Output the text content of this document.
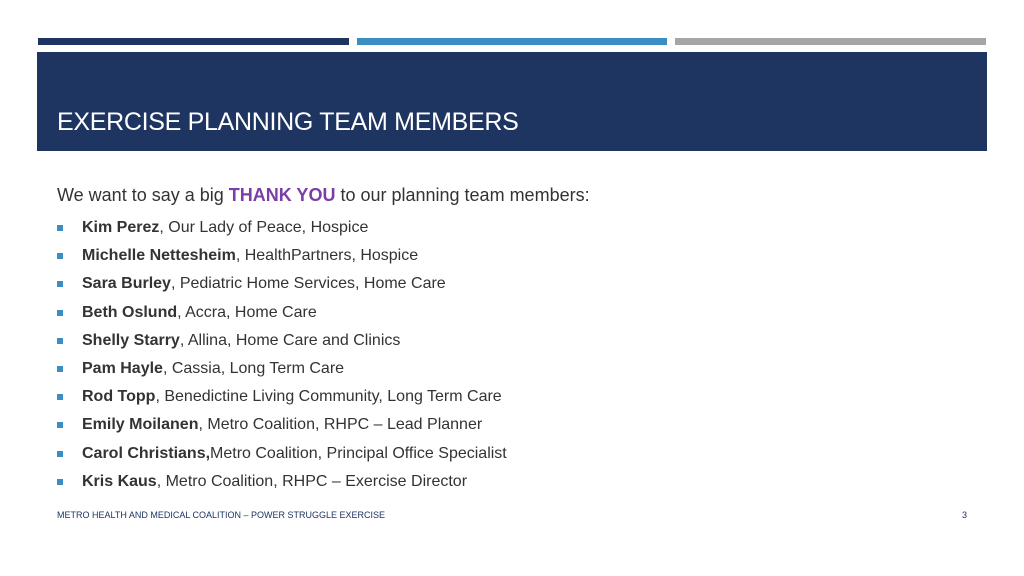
EXERCISE PLANNING TEAM MEMBERS
We want to say a big THANK YOU to our planning team members:
Kim Perez , Our Lady of Peace, Hospice
Michelle Nettesheim , HealthPartners, Hospice
Sara Burley , Pediatric Home Services, Home Care
Beth Oslund , Accra, Home Care
Shelly Starry , Allina, Home Care and Clinics
Pam Hayle , Cassia, Long Term Care
Rod Topp , Benedictine Living Community, Long Term Care
Emily Moilanen , Metro Coalition, RHPC – Lead Planner
Carol Christians, Metro Coalition, Principal Office Specialist
Kris Kaus , Metro Coalition, RHPC – Exercise Director
METRO HEALTH AND MEDICAL COALITION – POWER STRUGGLE EXERCISE	3
